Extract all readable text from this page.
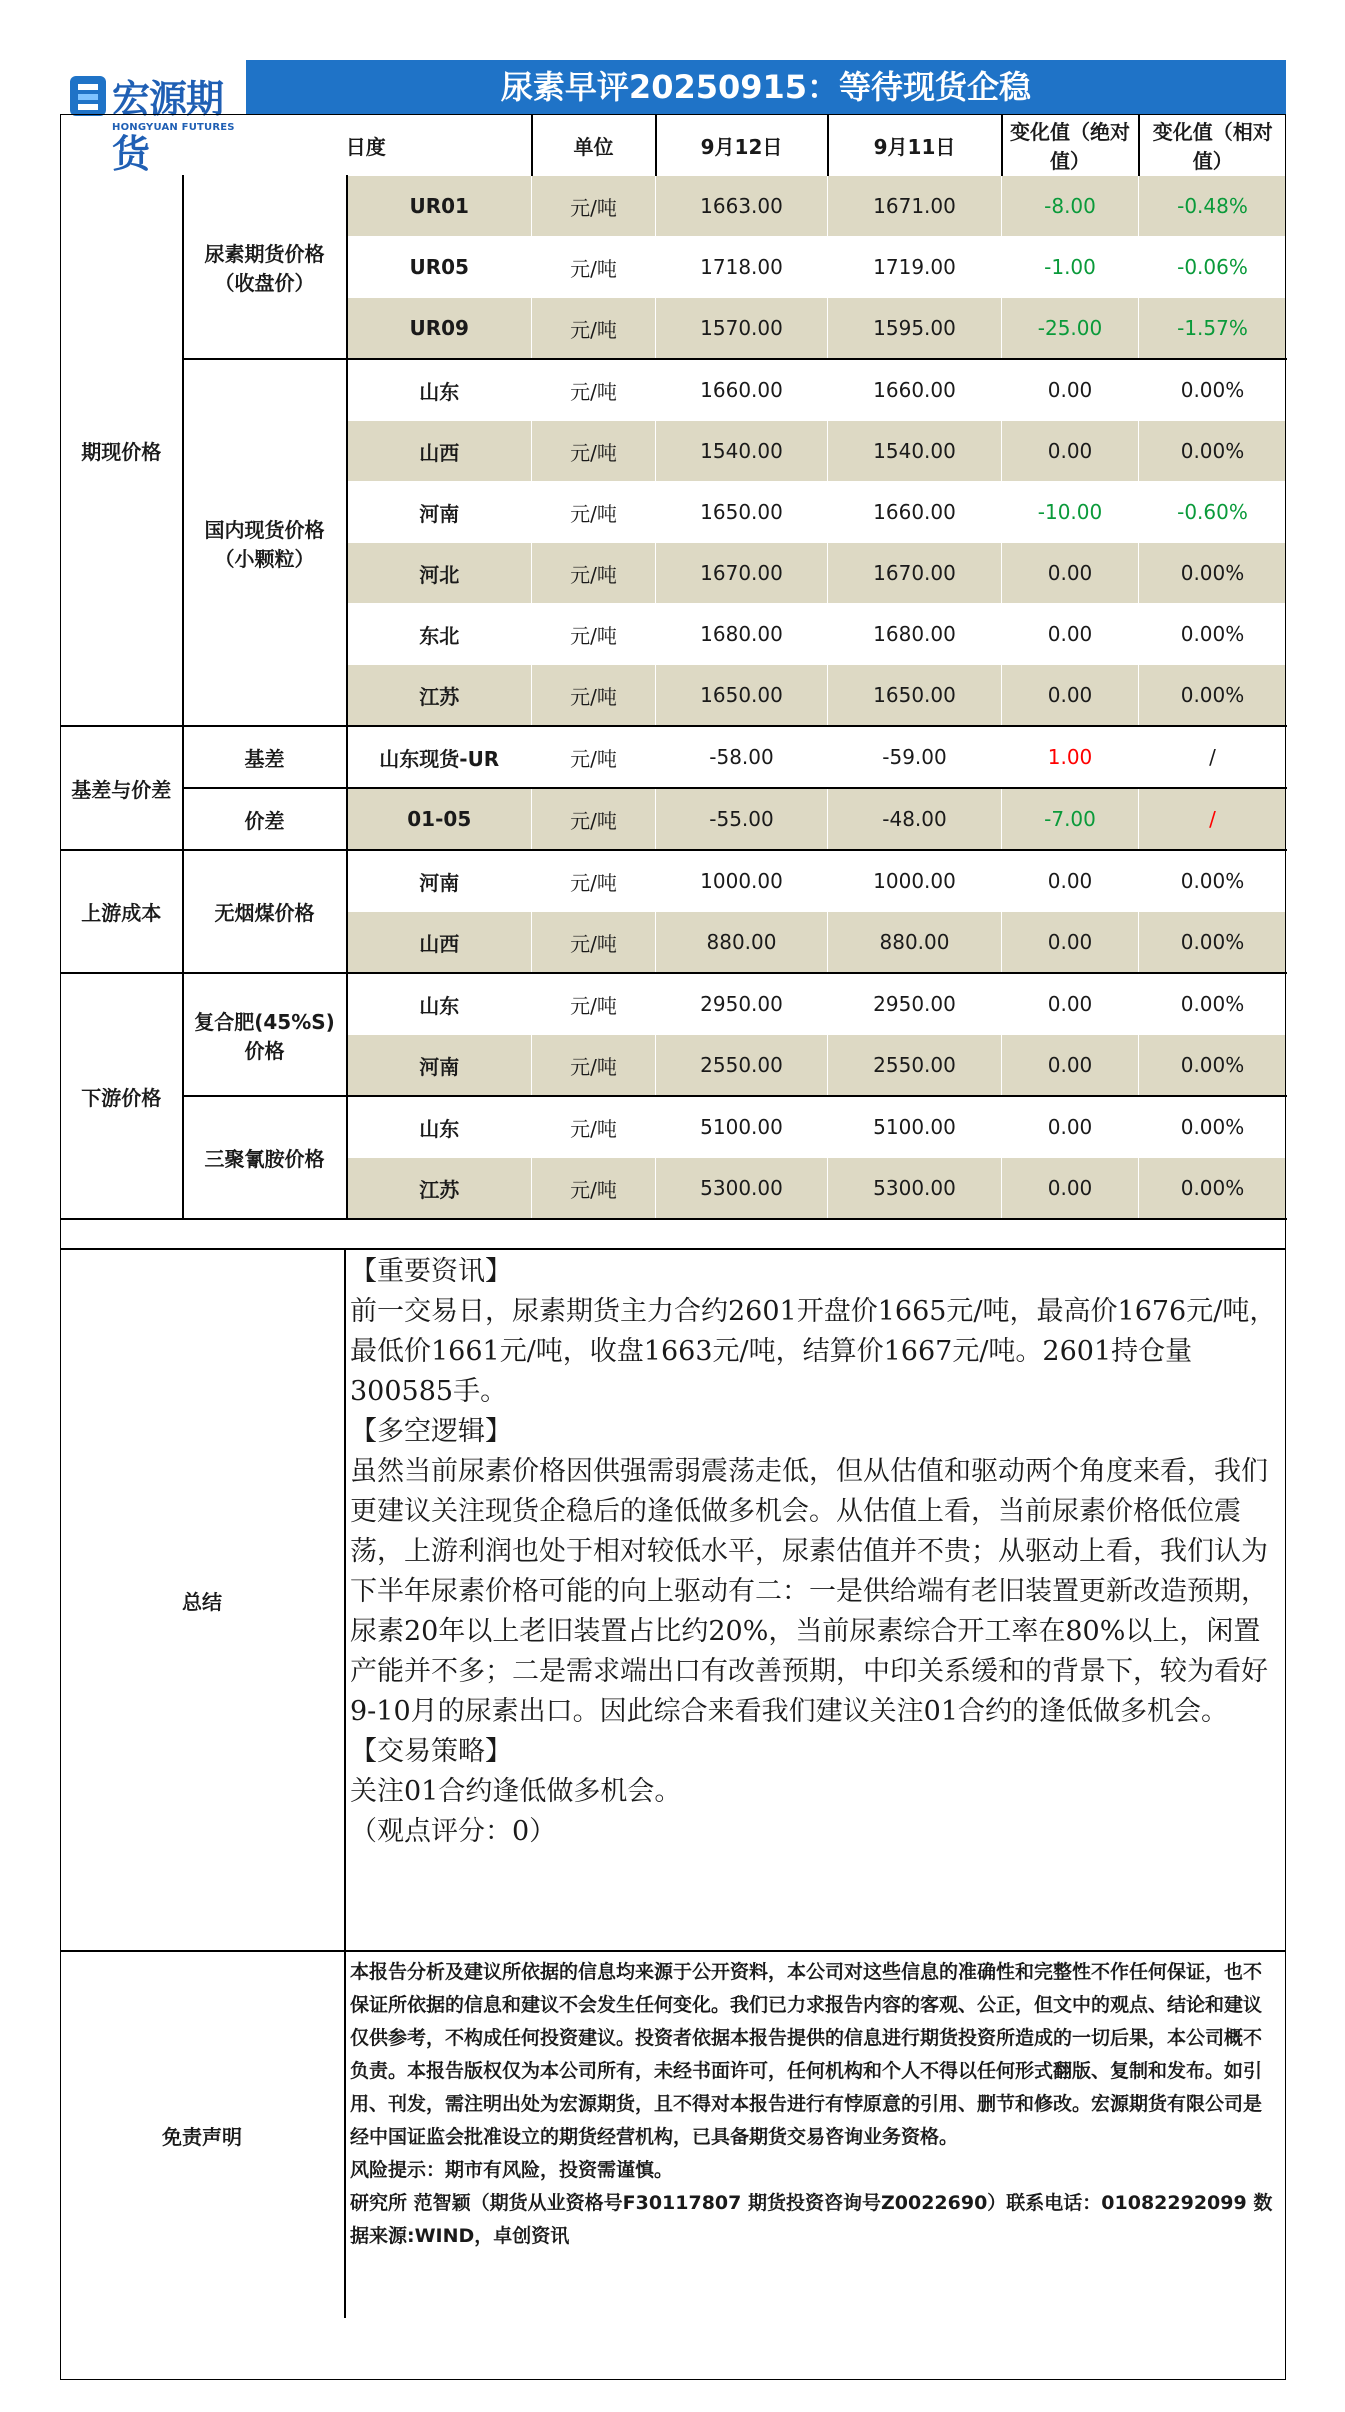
尿素早评20250915：等待现货企稳
宏源期货
HONGYUAN FUTURES
日度			单位	9月12日	9月11日	变化值（绝对值）	变化值（相对值）
期现价格	尿素期货价格（收盘价）	UR01	元/吨	1663.00	1671.00	-8.00	-0.48%
		UR05	元/吨	1718.00	1719.00	-1.00	-0.06%
		UR09	元/吨	1570.00	1595.00	-25.00	-1.57%
	国内现货价格（小颗粒）	山东	元/吨	1660.00	1660.00	0.00	0.00%
		山西	元/吨	1540.00	1540.00	0.00	0.00%
		河南	元/吨	1650.00	1660.00	-10.00	-0.60%
		河北	元/吨	1670.00	1670.00	0.00	0.00%
		东北	元/吨	1680.00	1680.00	0.00	0.00%
		江苏	元/吨	1650.00	1650.00	0.00	0.00%
基差与价差	基差	山东现货-UR	元/吨	-58.00	-59.00	1.00	/
	价差	01-05	元/吨	-55.00	-48.00	-7.00	/
上游成本	无烟煤价格	河南	元/吨	1000.00	1000.00	0.00	0.00%
		山西	元/吨	880.00	880.00	0.00	0.00%
下游价格	复合肥(45%S)价格	山东	元/吨	2950.00	2950.00	0.00	0.00%
		河南	元/吨	2550.00	2550.00	0.00	0.00%
	三聚氰胺价格	山东	元/吨	5100.00	5100.00	0.00	0.00%
		江苏	元/吨	5300.00	5300.00	0.00	0.00%
总结

【重要资讯】

前一交易日，尿素期货主力合约2601开盘价1665元/吨，最高价1676元/吨，最低价1661元/吨，收盘1663元/吨，结算价1667元/吨。2601持仓量300585手。

【多空逻辑】

虽然当前尿素价格因供强需弱震荡走低，但从估值和驱动两个角度来看，我们更建议关注现货企稳后的逢低做多机会。从估值上看，当前尿素价格低位震荡，上游利润也处于相对较低水平，尿素估值并不贵；从驱动上看，我们认为下半年尿素价格可能的向上驱动有二：一是供给端有老旧装置更新改造预期，尿素20年以上老旧装置占比约20%，当前尿素综合开工率在80%以上，闲置产能并不多；二是需求端出口有改善预期，中印关系缓和的背景下，较为看好9-10月的尿素出口。因此综合来看我们建议关注01合约的逢低做多机会。

【交易策略】

关注01合约逢低做多机会。

（观点评分：0）

免责声明

本报告分析及建议所依据的信息均来源于公开资料，本公司对这些信息的准确性和完整性不作任何保证，也不保证所依据的信息和建议不会发生任何变化。我们已力求报告内容的客观、公正，但文中的观点、结论和建议仅供参考，不构成任何投资建议。投资者依据本报告提供的信息进行期货投资所造成的一切后果，本公司概不负责。本报告版权仅为本公司所有，未经书面许可，任何机构和个人不得以任何形式翻版、复制和发布。如引用、刊发，需注明出处为宏源期货，且不得对本报告进行有悖原意的引用、删节和修改。宏源期货有限公司是经中国证监会批准设立的期货经营机构，已具备期货交易咨询业务资格。

风险提示：期市有风险，投资需谨慎。

研究所 范智颖（期货从业资格号F30117807 期货投资咨询号Z0022690）联系电话：01082292099 数据来源:WIND，卓创资讯
